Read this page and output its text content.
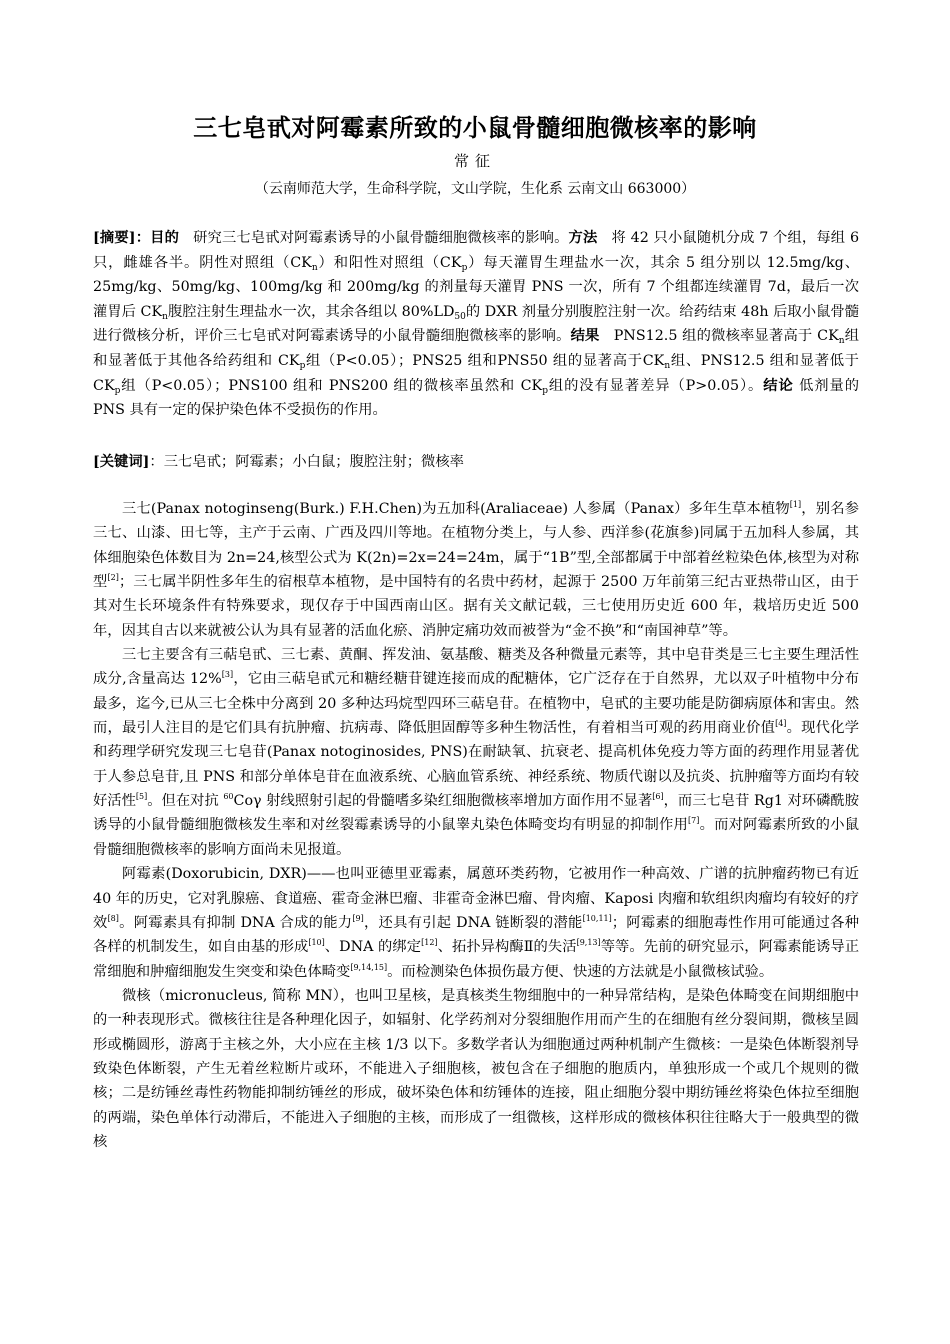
三七皂甙对阿霉素所致的小鼠骨髓细胞微核率的影响
常征
（云南师范大学，生命科学院，文山学院，生化系 云南文山 663000）
[摘要]：目的 研究三七皂甙对阿霉素诱导的小鼠骨髓细胞微核率的影响。方法 将 42 只小鼠随机分成 7 个组，每组 6 只，雌雄各半。阴性对照组$(CK_n)$和阳性对照组$(CK_p)$每天灌胃生理盐水一次，其余 5 组分别以 12.5mg/kg、25mg/kg、50mg/kg、100mg/kg 和 200mg/kg 的剂量每天灌胃 PNS 一次，所有 7 个组都连续灌胃 7d，最后一次灌胃后 $CK_n$腹腔注射生理盐水一次，其余各组以 $80\%LD_{50}$的 DXR 剂量分别腹腔注射一次。给药结束 48h 后取小鼠骨髓进行微核分析，评价三七皂甙对阿霉素诱导的小鼠骨髓细胞微核率的影响。结果 PNS12.5 组的微核率显著高于 $CK_n$组和显著低于其他各给药组和 $CK_p$组（P<0.05）；PNS25 组和PNS50 组的显著高于$CK_n$组、PNS12.5 组和显著低于$CK_p$组（P<0.05）；PNS100 组和 PNS200 组的微核率虽然和 $CK_p$组的没有显著差异（P>0.05）。结论 低剂量的 PNS 具有一定的保护染色体不受损伤的作用。
[关键词]：三七皂甙；阿霉素；小白鼠；腹腔注射；微核率

三七(Panax notoginseng(Burk.) F.H.Chen)为五加科(Araliaceae) 人参属（Panax）多年生草本植物[1]，别名参三七、山漆、田七等，主产于云南、广西及四川等地。在植物分类上，与人参、西洋参(花旗参)同属于五加科人参属，其体细胞染色体数目为 2n=24,核型公式为 K(2n)=2x=24=24m，属于“1B”型,全部都属于中部着丝粒染色体,核型为对称型[2]；三七属半阴性多年生的宿根草本植物，是中国特有的名贵中药材，起源于 2500 万年前第三纪古亚热带山区，由于其对生长环境条件有特殊要求，现仅存于中国西南山区。据有关文献记载，三七使用历史近 600 年，栽培历史近 500 年，因其自古以来就被公认为具有显著的活血化瘀、消肿定痛功效而被誉为“金不换”和“南国神草”等。

三七主要含有三萜皂甙、三七素、黄酮、挥发油、氨基酸、糖类及各种微量元素等，其中皂苷类是三七主要生理活性成分,含量高达 12%[3]，它由三萜皂甙元和糖经糖苷键连接而成的配糖体，它广泛存在于自然界，尤以双子叶植物中分布最多，迄今,已从三七全株中分离到 20 多种达玛烷型四环三萜皂苷。在植物中，皂甙的主要功能是防御病原体和害虫。然而，最引人注目的是它们具有抗肿瘤、抗病毒、降低胆固醇等多种生物活性，有着相当可观的药用商业价值[4]。现代化学和药理学研究发现三七皂苷(Panax notoginosides, PNS)在耐缺氧、抗衰老、提高机体免疫力等方面的药理作用显著优于人参总皂苷,且 PNS 和部分单体皂苷在血液系统、心脑血管系统、神经系统、物质代谢以及抗炎、抗肿瘤等方面均有较好活性[5]。但在对抗 $^{60}$Coγ 射线照射引起的骨髓嗜多染红细胞微核率增加方面作用不显著[6]，而三七皂苷 Rg1 对环磷酰胺诱导的小鼠骨髓细胞微核发生率和对丝裂霉素诱导的小鼠睾丸染色体畸变均有明显的抑制作用[7]。而对阿霉素所致的小鼠骨髓细胞微核率的影响方面尚未见报道。

阿霉素(Doxorubicin, DXR)——也叫亚德里亚霉素，属蒽环类药物，它被用作一种高效、广谱的抗肿瘤药物已有近 40 年的历史，它对乳腺癌、食道癌、霍奇金淋巴瘤、非霍奇金淋巴瘤、骨肉瘤、Kaposi 肉瘤和软组织肉瘤均有较好的疗效[8]。阿霉素具有抑制 DNA 合成的能力[9]，还具有引起 DNA 链断裂的潜能[10,11]；阿霉素的细胞毒性作用可能通过各种各样的机制发生，如自由基的形成[10]、DNA 的绑定[12]、拓扑异构酶Ⅱ的失活[9,13]等等。先前的研究显示，阿霉素能诱导正常细胞和肿瘤细胞发生突变和染色体畸变[9,14,15]。而检测染色体损伤最方便、快速的方法就是小鼠微核试验。

微核（micronucleus, 简称 MN），也叫卫星核，是真核类生物细胞中的一种异常结构，是染色体畸变在间期细胞中的一种表现形式。微核往往是各种理化因子，如辐射、化学药剂对分裂细胞作用而产生的在细胞有丝分裂间期，微核呈圆形或椭圆形，游离于主核之外，大小应在主核 1/3 以下。多数学者认为细胞通过两种机制产生微核：一是染色体断裂剂导致染色体断裂，产生无着丝粒断片或环，不能进入子细胞核，被包含在子细胞的胞质内，单独形成一个或几个规则的微核；二是纺锤丝毒性药物能抑制纺锤丝的形成，破坏染色体和纺锤体的连接，阻止细胞分裂中期纺锤丝将染色体拉至细胞的两端，染色单体行动滞后，不能进入子细胞的主核，而形成了一组微核，这样形成的微核体积往往略大于一般典型的微核
